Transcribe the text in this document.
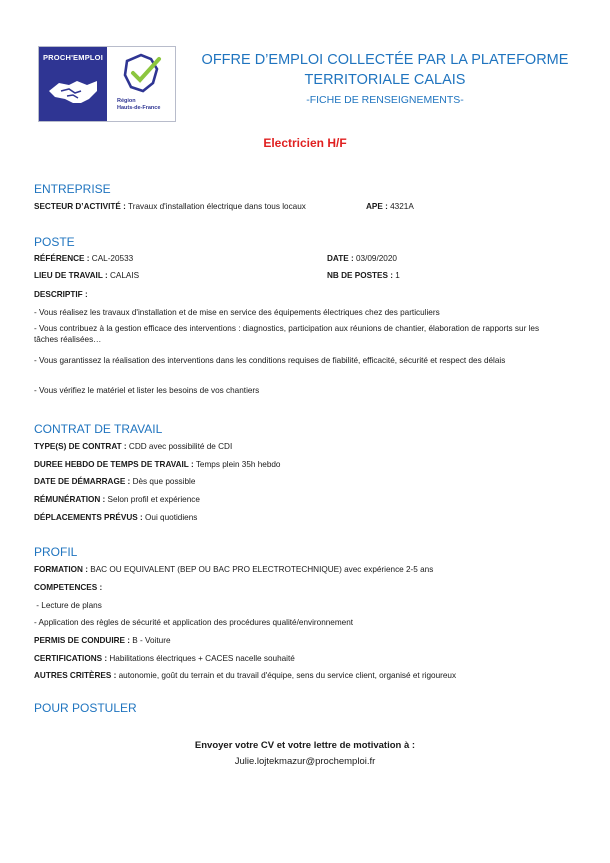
PROCH'EMPLOI
Région
Hauts-de-France
OFFRE D’EMPLOI COLLECTÉE PAR LA PLATEFORME
TERRITORIALE CALAIS
-FICHE DE RENSEIGNEMENTS-
Electricien H/F
ENTREPRISE
SECTEUR D’ACTIVITÉ : Travaux d'installation électrique dans tous locaux	APE : 4321A
POSTE
RÉFÉRENCE : CAL-20533	DATE : 03/09/2020
LIEU DE TRAVAIL : CALAIS	NB DE POSTES : 1
DESCRIPTIF :
- Vous réalisez les travaux d'installation et de mise en service des équipements électriques chez des particuliers
- Vous contribuez à la gestion efficace des interventions : diagnostics, participation aux réunions de chantier, élaboration de rapports sur les tâches réalisées…
- Vous garantissez la réalisation des interventions dans les conditions requises de fiabilité, efficacité, sécurité et respect des délais
- Vous vérifiez le matériel et lister les besoins de vos chantiers
CONTRAT DE TRAVAIL
TYPE(S) DE CONTRAT : CDD avec possibilité de CDI
DUREE HEBDO DE TEMPS DE TRAVAIL : Temps plein 35h hebdo
DATE DE DÉMARRAGE : Dès que possible
RÉMUNÉRATION : Selon profil et expérience
DÉPLACEMENTS PRÉVUS : Oui quotidiens
PROFIL
FORMATION : BAC OU EQUIVALENT (BEP OU BAC PRO ELECTROTECHNIQUE) avec expérience 2-5 ans
COMPETENCES :
- Lecture de plans
- Application des règles de sécurité et application des procédures qualité/environnement
PERMIS DE CONDUIRE : B - Voiture
CERTIFICATIONS : Habilitations électriques + CACES nacelle souhaité
AUTRES CRITÈRES : autonomie, goût du terrain et du travail d'équipe, sens du service client, organisé et rigoureux
POUR POSTULER
Envoyer votre CV et votre lettre de motivation à :
Julie.lojtekmazur@prochemploi.fr
